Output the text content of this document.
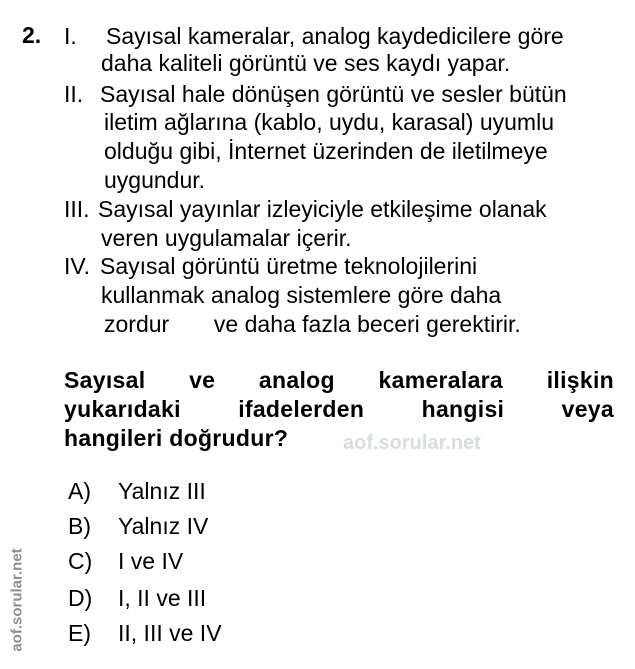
2. I. Sayısal kameralar, analog kaydedicilere göre
daha kaliteli görüntü ve ses kaydı yapar.
II. Sayısal hale dönüşen görüntü ve sesler bütün
iletim ağlarına (kablo, uydu, karasal) uyumlu
olduğu gibi, İnternet üzerinden de iletilmeye
uygundur.
III. Sayısal yayınlar izleyiciyle etkileşime olanak
veren uygulamalar içerir.
IV. Sayısal görüntü üretme teknolojilerini
kullanmak analog sistemlere göre daha
zordur       ve daha fazla beceri gerektirir.
Sayısal ve analog kameralara ilişkin
yukarıdaki ifadelerden hangisi veya
hangileri doğrudur?	aof.sorular.net
A) Yalnız III
B) Yalnız IV
C) I ve IV
D) I, II ve III
E) II, III ve IV
aof.sorular.net
